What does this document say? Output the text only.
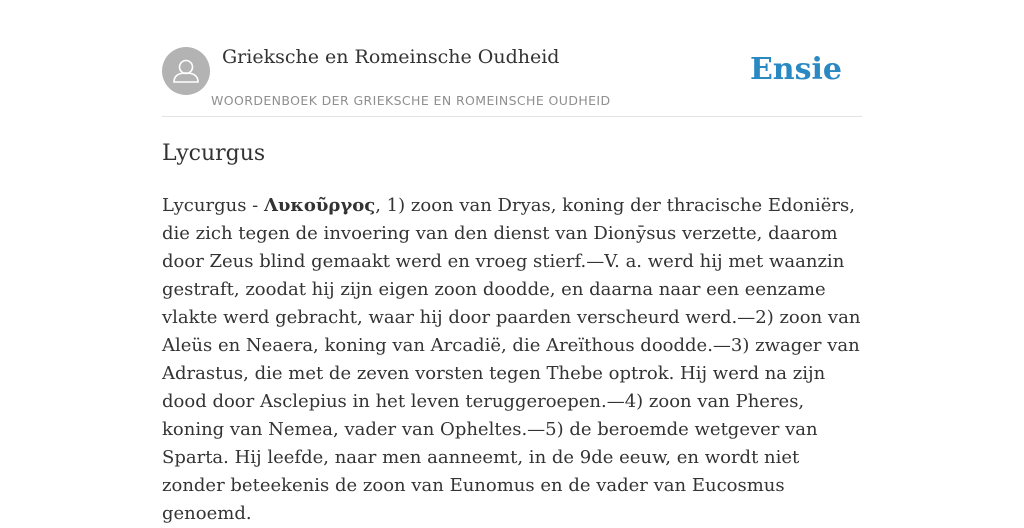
Grieksche en Romeinsche Oudheid
WOORDENBOEK DER GRIEKSCHE EN ROMEINSCHE OUDHEID
Ensie
Lycurgus

Lycurgus - Λυκοῦργος, 1) zoon van Dryas, koning der thracische Edoniërs, die zich tegen de invoering van den dienst van Dionȳsus verzette, daarom door Zeus blind gemaakt werd en vroeg stierf.—V. a. werd hij met waanzin gestraft, zoodat hij zijn eigen zoon doodde, en daarna naar een eenzame vlakte werd gebracht, waar hij door paarden verscheurd werd.—2) zoon van Aleüs en Neaera, koning van Arcadië, die Areïthous doodde.—3) zwager van Adrastus, die met de zeven vorsten tegen Thebe optrok. Hij werd na zijn dood door Asclepius in het leven teruggeroepen.—4) zoon van Pheres, koning van Nemea, vader van Opheltes.—5) de beroemde wetgever van Sparta. Hij leefde, naar men aanneemt, in de 9de eeuw, en wordt niet zonder beteekenis de zoon van Eunomus en de vader van Eucosmus genoemd.
